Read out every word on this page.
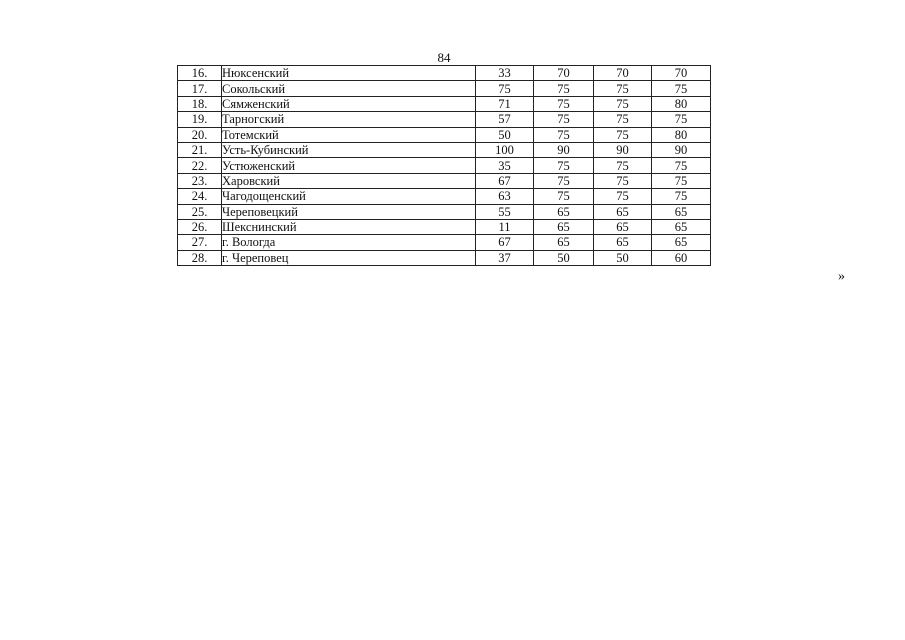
84
16.	Нюксенский	33	70	70	70
17.	Сокольский	75	75	75	75
18.	Сямженский	71	75	75	80
19.	Тарногский	57	75	75	75
20.	Тотемский	50	75	75	80
21.	Усть-Кубинский	100	90	90	90
22.	Устюженский	35	75	75	75
23.	Харовский	67	75	75	75
24.	Чагодощенский	63	75	75	75
25.	Череповецкий	55	65	65	65
26.	Шекснинский	11	65	65	65
27.	г. Вологда	67	65	65	65
28.	г. Череповец	37	50	50	60
»
